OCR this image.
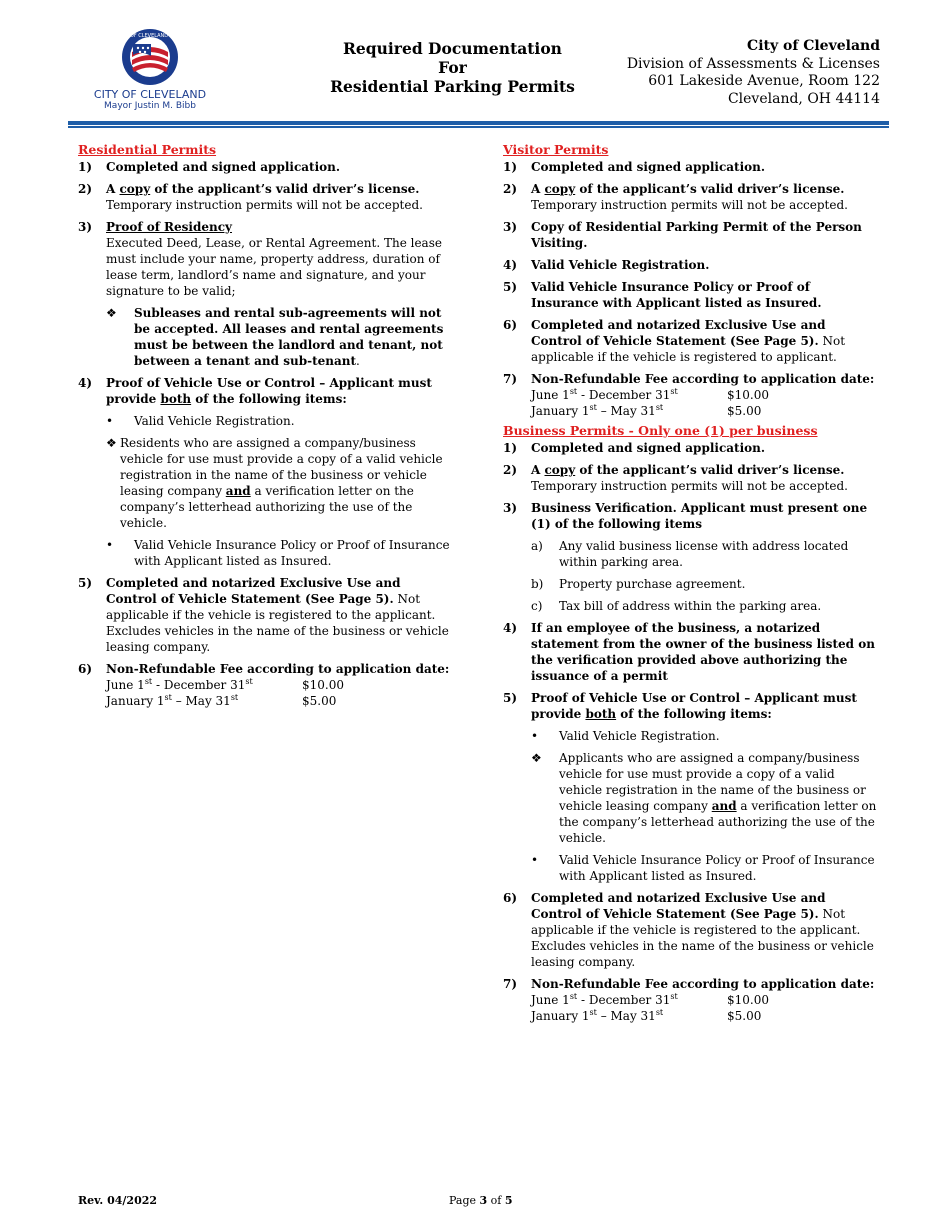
CITY OF CLEVELAND OHIO
CITY OF CLEVELAND
Mayor Justin M. Bibb
Required Documentation
For
Residential Parking Permits
City of Cleveland
Division of Assessments & Licenses
601 Lakeside Avenue, Room 122
Cleveland, OH 44114
Residential Permits
1) Completed and signed application.
2) A copy of the applicant’s valid driver’s license.
Temporary instruction permits will not be accepted.
3) Proof of Residency
Executed Deed, Lease, or Rental Agreement. The lease must include your name, property address, duration of lease term, landlord’s name and signature, and your signature to be valid;
❖ Subleases and rental sub-agreements will not be accepted. All leases and rental agreements must be between the landlord and tenant, not between a tenant and sub-tenant.
4) Proof of Vehicle Use or Control – Applicant must provide both of the following items:
• Valid Vehicle Registration.
❖ Residents who are assigned a company/business vehicle for use must provide a copy of a valid vehicle registration in the name of the business or vehicle leasing company and a verification letter on the company’s letterhead authorizing the use of the vehicle.
• Valid Vehicle Insurance Policy or Proof of Insurance with Applicant listed as Insured.
5) Completed and notarized Exclusive Use and Control of Vehicle Statement (See Page 5). Not applicable if the vehicle is registered to the applicant. Excludes vehicles in the name of the business or vehicle leasing company.
6) Non-Refundable Fee according to application date:
June 1st - December 31st	$10.00
January 1st – May 31st	$5.00
Visitor Permits
1) Completed and signed application.
2) A copy of the applicant’s valid driver’s license.
Temporary instruction permits will not be accepted.
3) Copy of Residential Parking Permit of the Person Visiting.
4) Valid Vehicle Registration.
5) Valid Vehicle Insurance Policy or Proof of Insurance with Applicant listed as Insured.
6) Completed and notarized Exclusive Use and Control of Vehicle Statement (See Page 5). Not applicable if the vehicle is registered to applicant.
7) Non-Refundable Fee according to application date:
June 1st - December 31st	$10.00
January 1st – May 31st	$5.00
Business Permits - Only one (1) per business
1) Completed and signed application.
2) A copy of the applicant’s valid driver’s license.
Temporary instruction permits will not be accepted.
3) Business Verification. Applicant must present one (1) of the following items
a) Any valid business license with address located within parking area.
b) Property purchase agreement.
c) Tax bill of address within the parking area.
4) If an employee of the business, a notarized statement from the owner of the business listed on the verification provided above authorizing the issuance of a permit
5) Proof of Vehicle Use or Control – Applicant must provide both of the following items:
• Valid Vehicle Registration.
❖ Applicants who are assigned a company/business vehicle for use must provide a copy of a valid vehicle registration in the name of the business or vehicle leasing company and a verification letter on the company’s letterhead authorizing the use of the vehicle.
• Valid Vehicle Insurance Policy or Proof of Insurance with Applicant listed as Insured.
6) Completed and notarized Exclusive Use and Control of Vehicle Statement (See Page 5). Not applicable if the vehicle is registered to the applicant. Excludes vehicles in the name of the business or vehicle leasing company.
7) Non-Refundable Fee according to application date:
June 1st - December 31st	$10.00
January 1st – May 31st	$5.00
Rev. 04/2022	Page 3 of 5
